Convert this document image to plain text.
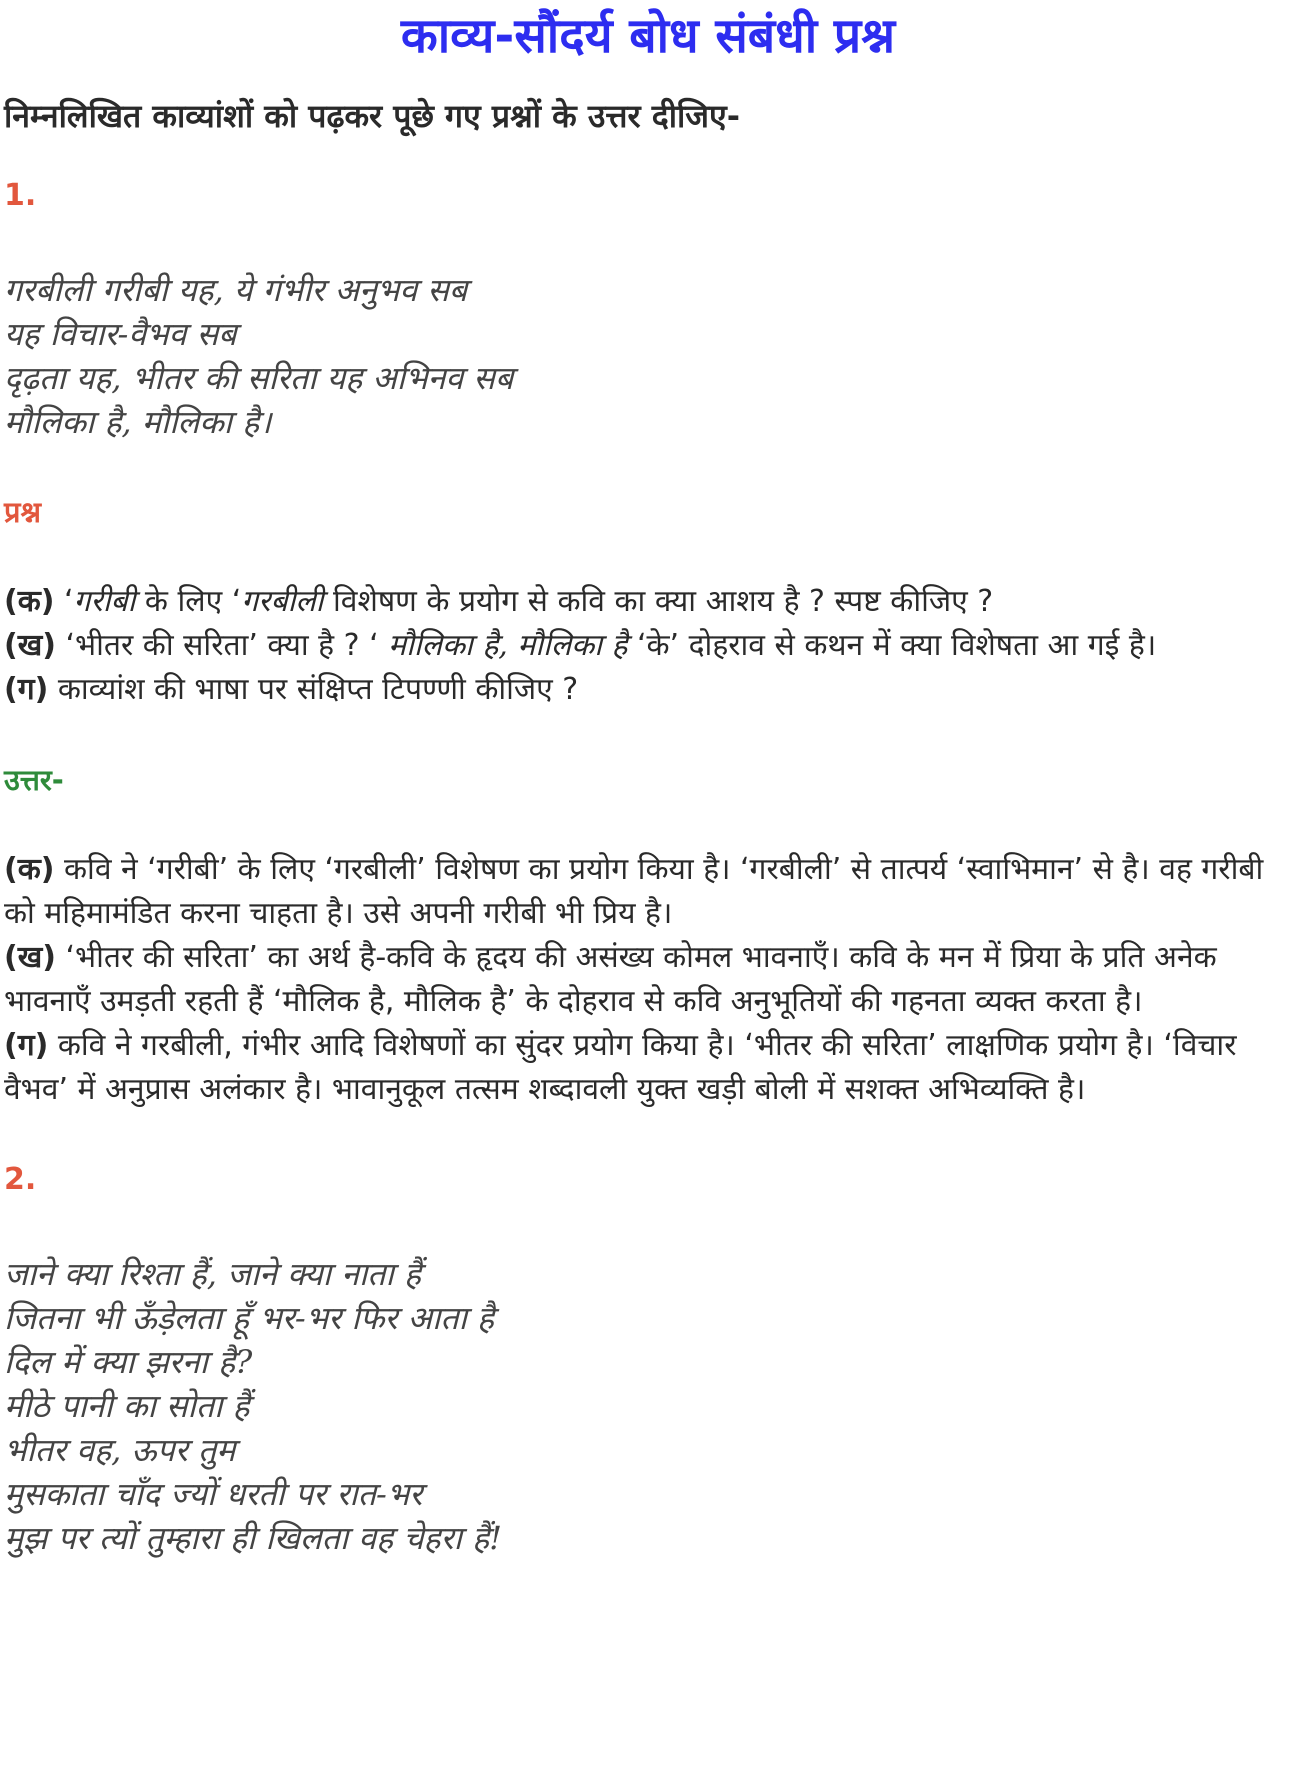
काव्य-सौंदर्य बोध संबंधी प्रश्न

निम्नलिखित काव्यांशों को पढ़कर पूछे गए प्रश्नों के उत्तर दीजिए-

1.
गरबीली गरीबी यह, ये गंभीर अनुभव सब
यह विचार-वैभव सब
दृढ़ता यह, भीतर की सरिता यह अभिनव सब
मौलिका है, मौलिका है।
प्रश्न

(क) ‘गरीबी के लिए ‘गरबीली विशेषण के प्रयोग से कवि का क्या आशय है ? स्पष्ट कीजिए ?

(ख) ‘भीतर की सरिता’ क्या है ? ‘ मौलिका है, मौलिका है ‘के’ दोहराव से कथन में क्या विशेषता आ गई है।

(ग) काव्यांश की भाषा पर संक्षिप्त टिपण्णी कीजिए ?

उत्तर-

(क) कवि ने ‘गरीबी’ के लिए ‘गरबीली’ विशेषण का प्रयोग किया है। ‘गरबीली’ से तात्पर्य ‘स्वाभिमान’ से है। वह गरीबी को महिमामंडित करना चाहता है। उसे अपनी गरीबी भी प्रिय है।

(ख) ‘भीतर की सरिता’ का अर्थ है-कवि के हृदय की असंख्य कोमल भावनाएँ। कवि के मन में प्रिया के प्रति अनेक भावनाएँ उमड़ती रहती हैं ‘मौलिक है, मौलिक है’ के दोहराव से कवि अनुभूतियों की गहनता व्यक्त करता है।

(ग) कवि ने गरबीली, गंभीर आदि विशेषणों का सुंदर प्रयोग किया है। ‘भीतर की सरिता’ लाक्षणिक प्रयोग है। ‘विचार वैभव’ में अनुप्रास अलंकार है। भावानुकूल तत्सम शब्दावली युक्त खड़ी बोली में सशक्त अभिव्यक्ति है।

2.
जाने क्या रिश्ता हैं, जाने क्या नाता हैं
जितना भी ऊँड़ेलता हूँ भर-भर फिर आता है
दिल में क्या झरना है?
मीठे पानी का सोता हैं
भीतर वह, ऊपर तुम
मुसकाता चाँद ज्यों धरती पर रात-भर
मुझ पर त्यों तुम्हारा ही खिलता वह चेहरा हैं!
